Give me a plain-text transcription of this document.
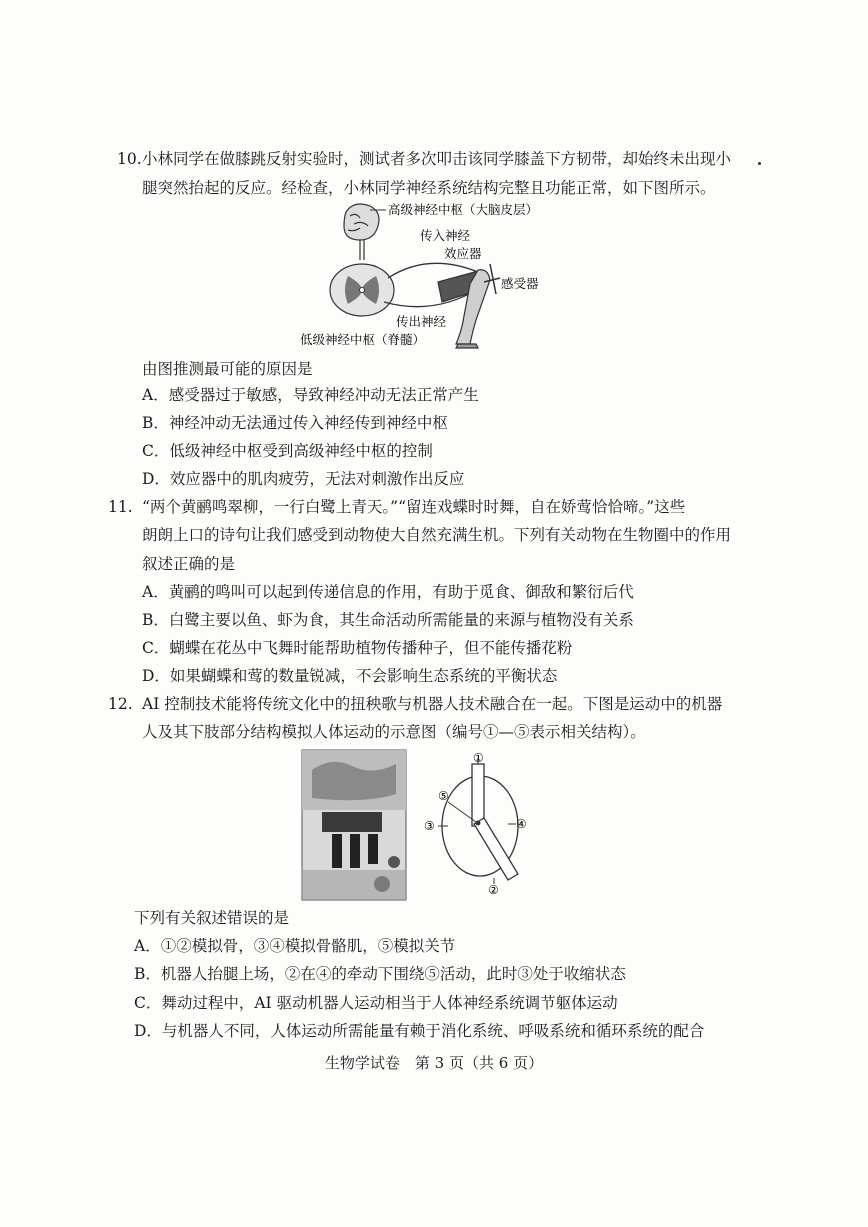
10. 小林同学在做膝跳反射实验时，测试者多次叩击该同学膝盖下方韧带，却始终未出现小
腿突然抬起的反应。经检查，小林同学神经系统结构完整且功能正常，如下图所示。
高级神经中枢（大脑皮层）
传入神经
效应器
感受器
传出神经
低级神经中枢（脊髓）
由图推测最可能的原因是
A．感受器过于敏感，导致神经冲动无法正常产生
B．神经冲动无法通过传入神经传到神经中枢
C．低级神经中枢受到高级神经中枢的控制
D．效应器中的肌肉疲劳，无法对刺激作出反应
11. “两个黄鹂鸣翠柳，一行白鹭上青天。”“留连戏蝶时时舞，自在娇莺恰恰啼。”这些
朗朗上口的诗句让我们感受到动物使大自然充满生机。下列有关动物在生物圈中的作用
叙述正确的是
A．黄鹂的鸣叫可以起到传递信息的作用，有助于觅食、御敌和繁衍后代
B．白鹭主要以鱼、虾为食，其生命活动所需能量的来源与植物没有关系
C．蝴蝶在花丛中飞舞时能帮助植物传播种子，但不能传播花粉
D．如果蝴蝶和莺的数量锐减，不会影响生态系统的平衡状态
12. AI 控制技术能将传统文化中的扭秧歌与机器人技术融合在一起。下图是运动中的机器
人及其下肢部分结构模拟人体运动的示意图（编号①—⑤表示相关结构）。
①
②
③	④
⑤
下列有关叙述错误的是
A．①②模拟骨，③④模拟骨骼肌，⑤模拟关节
B．机器人抬腿上场，②在④的牵动下围绕⑤活动，此时③处于收缩状态
C．舞动过程中，AI 驱动机器人运动相当于人体神经系统调节躯体运动
D．与机器人不同，人体运动所需能量有赖于消化系统、呼吸系统和循环系统的配合
生物学试卷　第 3 页（共 6 页）
